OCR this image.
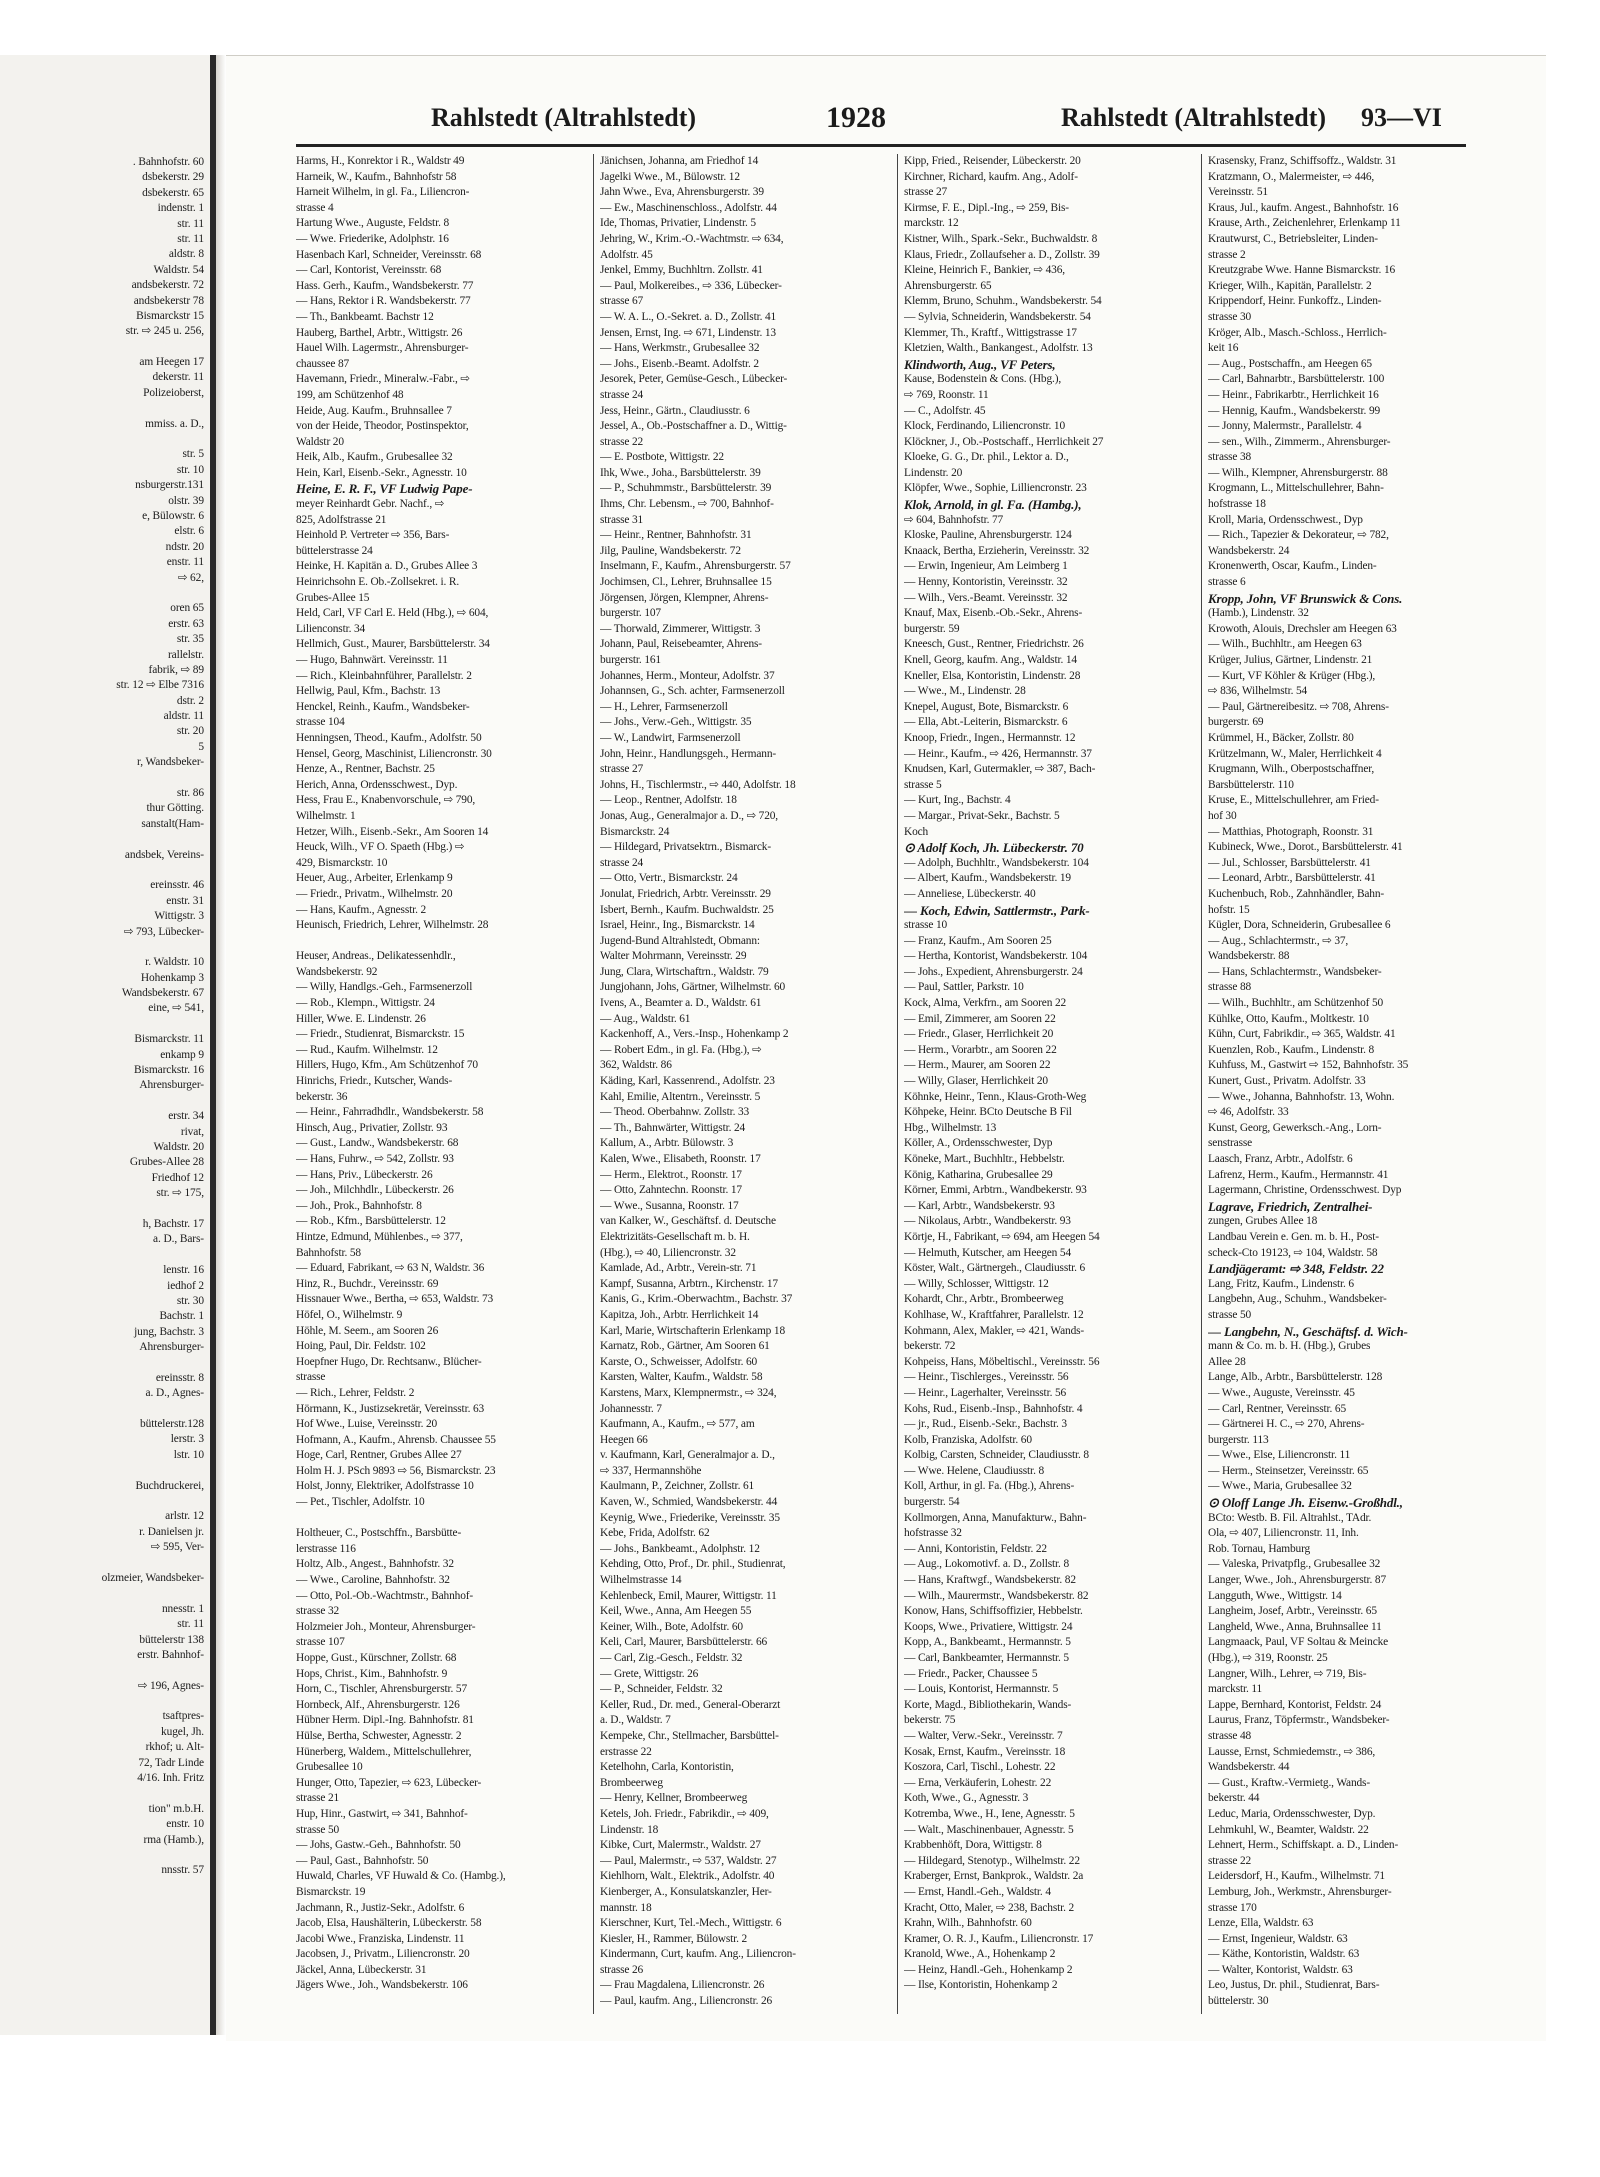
. Bahnhofstr. 60
dsbekerstr. 29
dsbekerstr. 65
indenstr. 1
str. 11
str. 11
aldstr. 8
Waldstr. 54
andsbekerstr. 72
andsbekerstr 78
Bismarckstr 15
str. ⇨ 245 u. 256,
am Heegen 17
dekerstr. 11
Polizeioberst,
mmiss. a. D.,
str. 5
str. 10
nsburgerstr.131
olstr. 39
e, Bülowstr. 6
elstr. 6
ndstr. 20
enstr. 11
⇨ 62,
oren 65
erstr. 63
str. 35
rallelstr.
fabrik, ⇨ 89
str. 12 ⇨ Elbe 7316
dstr. 2
aldstr. 11
str. 20
5
r, Wandsbeker-
str. 86
thur Götting.
sanstalt(Ham-
andsbek, Vereins-
ereinsstr. 46
enstr. 31
Wittigstr. 3
⇨ 793, Lübecker-
r. Waldstr. 10
Hohenkamp 3
Wandsbekerstr. 67
eine, ⇨ 541,
Bismarckstr. 11
enkamp 9
Bismarckstr. 16
Ahrensburger-
erstr. 34
rivat,
Waldstr. 20
Grubes-Allee 28
Friedhof 12
str. ⇨ 175,
h, Bachstr. 17
a. D., Bars-
lenstr. 16
iedhof 2
str. 30
Bachstr. 1
jung, Bachstr. 3
Ahrensburger-
ereinsstr. 8
a. D., Agnes-
büttelerstr.128
lerstr. 3
lstr. 10
Buchdruckerei,
arlstr. 12
r. Danielsen jr.
⇨ 595, Ver-
olzmeier, Wandsbeker-
nnesstr. 1
str. 11
büttelerstr 138
erstr. Bahnhof-
⇨ 196, Agnes-
tsaftpres-
kugel, Jh.
rkhof; u. Alt-
72, Tadr Linde
4/16. Inh. Fritz
tion" m.b.H.
enstr. 10
rma (Hamb.),
nnsstr. 57
Rahlstedt (Altrahlstedt)	1928	Rahlstedt (Altrahlstedt) 93—VI
Harms, H., Konrektor i R., Waldstr 49
Harneik, W., Kaufm., Bahnhofstr 58
Harneit Wilhelm, in gl. Fa., Liliencron-
strasse 4
Hartung Wwe., Auguste, Feldstr. 8
— Wwe. Friederike, Adolphstr. 16
Hasenbach Karl, Schneider, Vereinsstr. 68
— Carl, Kontorist, Vereinsstr. 68
Hass. Gerh., Kaufm., Wandsbekerstr. 77
— Hans, Rektor i R. Wandsbekerstr. 77
— Th., Bankbeamt. Bachstr 12
Hauberg, Barthel, Arbtr., Wittigstr. 26
Hauel Wilh. Lagermstr., Ahrensburger-
chaussee 87
Havemann, Friedr., Mineralw.-Fabr., ⇨
199, am Schützenhof 48
Heide, Aug. Kaufm., Bruhnsallee 7
von der Heide, Theodor, Postinspektor,
Waldstr 20
Heik, Alb., Kaufm., Grubesallee 32
Hein, Karl, Eisenb.-Sekr., Agnesstr. 10
Heine, E. R. F., VF Ludwig Pape-
meyer Reinhardt Gebr. Nachf., ⇨
825, Adolfstrasse 21
Heinhold P. Vertreter ⇨ 356, Bars-
büttelerstrasse 24
Heinke, H. Kapitän a. D., Grubes Allee 3
Heinrichsohn E. Ob.-Zollsekret. i. R.
Grubes-Allee 15
Held, Carl, VF Carl E. Held (Hbg.), ⇨ 604,
Lilienconstr. 34
Hellmich, Gust., Maurer, Barsbüttelerstr. 34
— Hugo, Bahnwärt. Vereinsstr. 11
— Rich., Kleinbahnführer, Parallelstr. 2
Hellwig, Paul, Kfm., Bachstr. 13
Henckel, Reinh., Kaufm., Wandsbeker-
strasse 104
Henningsen, Theod., Kaufm., Adolfstr. 50
Hensel, Georg, Maschinist, Liliencronstr. 30
Henze, A., Rentner, Bachstr. 25
Herich, Anna, Ordensschwest., Dyp.
Hess, Frau E., Knabenvorschule, ⇨ 790,
Wilhelmstr. 1
Hetzer, Wilh., Eisenb.-Sekr., Am Sooren 14
Heuck, Wilh., VF O. Spaeth (Hbg.) ⇨
429, Bismarckstr. 10
Heuer, Aug., Arbeiter, Erlenkamp 9
— Friedr., Privatm., Wilhelmstr. 20
— Hans, Kaufm., Agnesstr. 2
Heunisch, Friedrich, Lehrer, Wilhelmstr. 28
Heuser, Andreas., Delikatessenhdlr.,
Wandsbekerstr. 92
— Willy, Handlgs.-Geh., Farmsenerzoll
— Rob., Klempn., Wittigstr. 24
Hiller, Wwe. E. Lindenstr. 26
— Friedr., Studienrat, Bismarckstr. 15
— Rud., Kaufm. Wilhelmstr. 12
Hillers, Hugo, Kfm., Am Schützenhof 70
Hinrichs, Friedr., Kutscher, Wands-
bekerstr. 36
— Heinr., Fahrradhdlr., Wandsbekerstr. 58
Hinsch, Aug., Privatier, Zollstr. 93
— Gust., Landw., Wandsbekerstr. 68
— Hans, Fuhrw., ⇨ 542, Zollstr. 93
— Hans, Priv., Lübeckerstr. 26
— Joh., Milchhdlr., Lübeckerstr. 26
— Joh., Prok., Bahnhofstr. 8
— Rob., Kfm., Barsbüttelerstr. 12
Hintze, Edmund, Mühlenbes., ⇨ 377,
Bahnhofstr. 58
— Eduard, Fabrikant, ⇨ 63 N, Waldstr. 36
Hinz, R., Buchdr., Vereinsstr. 69
Hissnauer Wwe., Bertha, ⇨ 653, Waldstr. 73
Höfel, O., Wilhelmstr. 9
Höhle, M. Seem., am Sooren 26
Hoing, Paul, Dir. Feldstr. 102
Hoepfner Hugo, Dr. Rechtsanw., Blücher-
strasse
— Rich., Lehrer, Feldstr. 2
Hörmann, K., Justizsekretär, Vereinsstr. 63
Hof Wwe., Luise, Vereinsstr. 20
Hofmann, A., Kaufm., Ahrensb. Chaussee 55
Hoge, Carl, Rentner, Grubes Allee 27
Holm H. J. PSch 9893 ⇨ 56, Bismarckstr. 23
Holst, Jonny, Elektriker, Adolfstrasse 10
— Pet., Tischler, Adolfstr. 10
Holtheuer, C., Postschffn., Barsbütte-
lerstrasse 116
Holtz, Alb., Angest., Bahnhofstr. 32
— Wwe., Caroline, Bahnhofstr. 32
— Otto, Pol.-Ob.-Wachtmstr., Bahnhof-
strasse 32
Holzmeier Joh., Monteur, Ahrensburger-
strasse 107
Hoppe, Gust., Kürschner, Zollstr. 68
Hops, Christ., Kim., Bahnhofstr. 9
Horn, C., Tischler, Ahrensburgerstr. 57
Hornbeck, Alf., Ahrensburgerstr. 126
Hübner Herm. Dipl.-Ing. Bahnhofstr. 81
Hülse, Bertha, Schwester, Agnesstr. 2
Hünerberg, Waldem., Mittelschullehrer,
Grubesallee 10
Hunger, Otto, Tapezier, ⇨ 623, Lübecker-
strasse 21
Hup, Hinr., Gastwirt, ⇨ 341, Bahnhof-
strasse 50
— Johs, Gastw.-Geh., Bahnhofstr. 50
— Paul, Gast., Bahnhofstr. 50
Huwald, Charles, VF Huwald & Co. (Hambg.),
Bismarckstr. 19
Jachmann, R., Justiz-Sekr., Adolfstr. 6
Jacob, Elsa, Haushälterin, Lübeckerstr. 58
Jacobi Wwe., Franziska, Lindenstr. 11
Jacobsen, J., Privatm., Liliencronstr. 20
Jäckel, Anna, Lübeckerstr. 31
Jägers Wwe., Joh., Wandsbekerstr. 106
Jänichsen, Johanna, am Friedhof 14
Jagelki Wwe., M., Bülowstr. 12
Jahn Wwe., Eva, Ahrensburgerstr. 39
— Ew., Maschinenschloss., Adolfstr. 44
Ide, Thomas, Privatier, Lindenstr. 5
Jehring, W., Krim.-O.-Wachtmstr. ⇨ 634,
Adolfstr. 45
Jenkel, Emmy, Buchhltrn. Zollstr. 41
— Paul, Molkereibes., ⇨ 336, Lübecker-
strasse 67
— W. A. L., O.-Sekret. a. D., Zollstr. 41
Jensen, Ernst, Ing. ⇨ 671, Lindenstr. 13
— Hans, Werkmstr., Grubesallee 32
— Johs., Eisenb.-Beamt. Adolfstr. 2
Jesorek, Peter, Gemüse-Gesch., Lübecker-
strasse 24
Jess, Heinr., Gärtn., Claudiusstr. 6
Jessel, A., Ob.-Postschaffner a. D., Wittig-
strasse 22
— E. Postbote, Wittigstr. 22
Ihk, Wwe., Joha., Barsbüttelerstr. 39
— P., Schuhmmstr., Barsbüttelerstr. 39
Ihms, Chr. Lebensm., ⇨ 700, Bahnhof-
strasse 31
— Heinr., Rentner, Bahnhofstr. 31
Jilg, Pauline, Wandsbekerstr. 72
Inselmann, F., Kaufm., Ahrensburgerstr. 57
Jochimsen, Cl., Lehrer, Bruhnsallee 15
Jörgensen, Jörgen, Klempner, Ahrens-
burgerstr. 107
— Thorwald, Zimmerer, Wittigstr. 3
Johann, Paul, Reisebeamter, Ahrens-
burgerstr. 161
Johannes, Herm., Monteur, Adolfstr. 37
Johannsen, G., Sch. achter, Farmsenerzoll
— H., Lehrer, Farmsenerzoll
— Johs., Verw.-Geh., Wittigstr. 35
— W., Landwirt, Farmsenerzoll
John, Heinr., Handlungsgeh., Hermann-
strasse 27
Johns, H., Tischlermstr., ⇨ 440, Adolfstr. 18
— Leop., Rentner, Adolfstr. 18
Jonas, Aug., Generalmajor a. D., ⇨ 720,
Bismarckstr. 24
— Hildegard, Privatsektrn., Bismarck-
strasse 24
— Otto, Vertr., Bismarckstr. 24
Jonulat, Friedrich, Arbtr. Vereinsstr. 29
Isbert, Bernh., Kaufm. Buchwaldstr. 25
Israel, Heinr., Ing., Bismarckstr. 14
Jugend-Bund Altrahlstedt, Obmann:
Walter Mohrmann, Vereinsstr. 29
Jung, Clara, Wirtschaftrn., Waldstr. 79
Jungjohann, Johs, Gärtner, Wilhelmstr. 60
Ivens, A., Beamter a. D., Waldstr. 61
— Aug., Waldstr. 61
Kackenhoff, A., Vers.-Insp., Hohenkamp 2
— Robert Edm., in gl. Fa. (Hbg.), ⇨
362, Waldstr. 86
Käding, Karl, Kassenrend., Adolfstr. 23
Kahl, Emilie, Altentrn., Vereinsstr. 5
— Theod. Oberbahnw. Zollstr. 33
— Th., Bahnwärter, Wittigstr. 24
Kallum, A., Arbtr. Bülowstr. 3
Kalen, Wwe., Elisabeth, Roonstr. 17
— Herm., Elektrot., Roonstr. 17
— Otto, Zahntechn. Roonstr. 17
— Wwe., Susanna, Roonstr. 17
van Kalker, W., Geschäftsf. d. Deutsche
Elektrizitäts-Gesellschaft m. b. H.
(Hbg.), ⇨ 40, Liliencronstr. 32
Kamlade, Ad., Arbtr., Verein-str. 71
Kampf, Susanna, Arbtrn., Kirchenstr. 17
Kanis, G., Krim.-Oberwachtm., Bachstr. 37
Kapitza, Joh., Arbtr. Herrlichkeit 14
Karl, Marie, Wirtschafterin Erlenkamp 18
Karnatz, Rob., Gärtner, Am Sooren 61
Karste, O., Schweisser, Adolfstr. 60
Karsten, Walter, Kaufm., Waldstr. 58
Karstens, Marx, Klempnermstr., ⇨ 324,
Johannesstr. 7
Kaufmann, A., Kaufm., ⇨ 577, am
Heegen 66
v. Kaufmann, Karl, Generalmajor a. D.,
⇨ 337, Hermannshöhe
Kaulmann, P., Zeichner, Zollstr. 61
Kaven, W., Schmied, Wandsbekerstr. 44
Keynig, Wwe., Friederike, Vereinsstr. 35
Kebe, Frida, Adolfstr. 62
— Johs., Bankbeamt., Adolphstr. 12
Kehding, Otto, Prof., Dr. phil., Studienrat,
Wilhelmstrasse 14
Kehlenbeck, Emil, Maurer, Wittigstr. 11
Keil, Wwe., Anna, Am Heegen 55
Keiner, Wilh., Bote, Adolfstr. 60
Keli, Carl, Maurer, Barsbüttelerstr. 66
— Carl, Zig.-Gesch., Feldstr. 32
— Grete, Wittigstr. 26
— P., Schneider, Feldstr. 32
Keller, Rud., Dr. med., General-Oberarzt
a. D., Waldstr. 7
Kempeke, Chr., Stellmacher, Barsbüttel-
erstrasse 22
Ketelhohn, Carla, Kontoristin,
Brombeerweg
— Henry, Kellner, Brombeerweg
Ketels, Joh. Friedr., Fabrikdir., ⇨ 409,
Lindenstr. 18
Kibke, Curt, Malermstr., Waldstr. 27
— Paul, Malermstr., ⇨ 537, Waldstr. 27
Kiehlhorn, Walt., Elektrik., Adolfstr. 40
Kienberger, A., Konsulatskanzler, Her-
mannstr. 18
Kierschner, Kurt, Tel.-Mech., Wittigstr. 6
Kiesler, H., Rammer, Bülowstr. 2
Kindermann, Curt, kaufm. Ang., Liliencron-
strasse 26
— Frau Magdalena, Liliencronstr. 26
— Paul, kaufm. Ang., Liliencronstr. 26
Kipp, Fried., Reisender, Lübeckerstr. 20
Kirchner, Richard, kaufm. Ang., Adolf-
strasse 27
Kirmse, F. E., Dipl.-Ing., ⇨ 259, Bis-
marckstr. 12
Kistner, Wilh., Spark.-Sekr., Buchwaldstr. 8
Klaus, Friedr., Zollaufseher a. D., Zollstr. 39
Kleine, Heinrich F., Bankier, ⇨ 436,
Ahrensburgerstr. 65
Klemm, Bruno, Schuhm., Wandsbekerstr. 54
— Sylvia, Schneiderin, Wandsbekerstr. 54
Klemmer, Th., Kraftf., Wittigstrasse 17
Kletzien, Walth., Bankangest., Adolfstr. 13
Klindworth, Aug., VF Peters,
Kause, Bodenstein & Cons. (Hbg.),
⇨ 769, Roonstr. 11
— C., Adolfstr. 45
Klock, Ferdinando, Liliencronstr. 10
Klöckner, J., Ob.-Postschaff., Herrlichkeit 27
Kloeke, G. G., Dr. phil., Lektor a. D.,
Lindenstr. 20
Klöpfer, Wwe., Sophie, Lilliencronstr. 23
Klok, Arnold, in gl. Fa. (Hambg.),
⇨ 604, Bahnhofstr. 77
Kloske, Pauline, Ahrensburgerstr. 124
Knaack, Bertha, Erzieherin, Vereinsstr. 32
— Erwin, Ingenieur, Am Leimberg 1
— Henny, Kontoristin, Vereinsstr. 32
— Wilh., Vers.-Beamt. Vereinsstr. 32
Knauf, Max, Eisenb.-Ob.-Sekr., Ahrens-
burgerstr. 59
Kneesch, Gust., Rentner, Friedrichstr. 26
Knell, Georg, kaufm. Ang., Waldstr. 14
Kneller, Elsa, Kontoristin, Lindenstr. 28
— Wwe., M., Lindenstr. 28
Knepel, August, Bote, Bismarckstr. 6
— Ella, Abt.-Leiterin, Bismarckstr. 6
Knoop, Friedr., Ingen., Hermannstr. 12
— Heinr., Kaufm., ⇨ 426, Hermannstr. 37
Knudsen, Karl, Gutermakler, ⇨ 387, Bach-
strasse 5
— Kurt, Ing., Bachstr. 4
— Margar., Privat-Sekr., Bachstr. 5
Koch
⊙ Adolf Koch, Jh. Lübeckerstr. 70
— Adolph, Buchhltr., Wandsbekerstr. 104
— Albert, Kaufm., Wandsbekerstr. 19
— Anneliese, Lübeckerstr. 40
— Koch, Edwin, Sattlermstr., Park-
strasse 10
— Franz, Kaufm., Am Sooren 25
— Hertha, Kontorist, Wandsbekerstr. 104
— Johs., Expedient, Ahrensburgerstr. 24
— Paul, Sattler, Parkstr. 10
Kock, Alma, Verkfrn., am Sooren 22
— Emil, Zimmerer, am Sooren 22
— Friedr., Glaser, Herrlichkeit 20
— Herm., Vorarbtr., am Sooren 22
— Herm., Maurer, am Sooren 22
— Willy, Glaser, Herrlichkeit 20
Köhnke, Heinr., Tenn., Klaus-Groth-Weg
Köhpeke, Heinr. BCto Deutsche B Fil
Hbg., Wilhelmstr. 13
Köller, A., Ordensschwester, Dyp
Köneke, Mart., Buchhltr., Hebbelstr.
König, Katharina, Grubesallee 29
Körner, Emmi, Arbtrn., Wandbekerstr. 93
— Karl, Arbtr., Wandsbekerstr. 93
— Nikolaus, Arbtr., Wandbekerstr. 93
Körtje, H., Fabrikant, ⇨ 694, am Heegen 54
— Helmuth, Kutscher, am Heegen 54
Köster, Walt., Gärtnergeh., Claudiusstr. 6
— Willy, Schlosser, Wittigstr. 12
Kohardt, Chr., Arbtr., Brombeerweg
Kohlhase, W., Kraftfahrer, Parallelstr. 12
Kohmann, Alex, Makler, ⇨ 421, Wands-
bekerstr. 72
Kohpeiss, Hans, Möbeltischl., Vereinsstr. 56
— Heinr., Tischlerges., Vereinsstr. 56
— Heinr., Lagerhalter, Vereinsstr. 56
Kohs, Rud., Eisenb.-Insp., Bahnhofstr. 4
— jr., Rud., Eisenb.-Sekr., Bachstr. 3
Kolb, Franziska, Adolfstr. 60
Kolbig, Carsten, Schneider, Claudiusstr. 8
— Wwe. Helene, Claudiusstr. 8
Koll, Arthur, in gl. Fa. (Hbg.), Ahrens-
burgerstr. 54
Kollmorgen, Anna, Manufakturw., Bahn-
hofstrasse 32
— Anni, Kontoristin, Feldstr. 22
— Aug., Lokomotivf. a. D., Zollstr. 8
— Hans, Kraftwgf., Wandsbekerstr. 82
— Wilh., Maurermstr., Wandsbekerstr. 82
Konow, Hans, Schiffsoffizier, Hebbelstr.
Koops, Wwe., Privatiere, Wittigstr. 24
Kopp, A., Bankbeamt., Hermannstr. 5
— Carl, Bankbeamter, Hermannstr. 5
— Friedr., Packer, Chaussee 5
— Louis, Kontorist, Hermannstr. 5
Korte, Magd., Bibliothekarin, Wands-
bekerstr. 75
— Walter, Verw.-Sekr., Vereinsstr. 7
Kosak, Ernst, Kaufm., Vereinsstr. 18
Koszora, Carl, Tischl., Lohestr. 22
— Erna, Verkäuferin, Lohestr. 22
Koth, Wwe., G., Agnesstr. 3
Kotremba, Wwe., H., Iene, Agnesstr. 5
— Walt., Maschinenbauer, Agnesstr. 5
Krabbenhöft, Dora, Wittigstr. 8
— Hildegard, Stenotyp., Wilhelmstr. 22
Kraberger, Ernst, Bankprok., Waldstr. 2a
— Ernst, Handl.-Geh., Waldstr. 4
Kracht, Otto, Maler, ⇨ 238, Bachstr. 2
Krahn, Wilh., Bahnhofstr. 60
Kramer, O. R. J., Kaufm., Liliencronstr. 17
Kranold, Wwe., A., Hohenkamp 2
— Heinz, Handl.-Geh., Hohenkamp 2
— Ilse, Kontoristin, Hohenkamp 2
Krasensky, Franz, Schiffsoffz., Waldstr. 31
Kratzmann, O., Malermeister, ⇨ 446,
Vereinsstr. 51
Kraus, Jul., kaufm. Angest., Bahnhofstr. 16
Krause, Arth., Zeichenlehrer, Erlenkamp 11
Krautwurst, C., Betriebsleiter, Linden-
strasse 2
Kreutzgrabe Wwe. Hanne Bismarckstr. 16
Krieger, Wilh., Kapitän, Parallelstr. 2
Krippendorf, Heinr. Funkoffz., Linden-
strasse 30
Kröger, Alb., Masch.-Schloss., Herrlich-
keit 16
— Aug., Postschaffn., am Heegen 65
— Carl, Bahnarbtr., Barsbüttelerstr. 100
— Heinr., Fabrikarbtr., Herrlichkeit 16
— Hennig, Kaufm., Wandsbekerstr. 99
— Jonny, Malermstr., Parallelstr. 4
— sen., Wilh., Zimmerm., Ahrensburger-
strasse 38
— Wilh., Klempner, Ahrensburgerstr. 88
Krogmann, L., Mittelschullehrer, Bahn-
hofstrasse 18
Kroll, Maria, Ordensschwest., Dyp
— Rich., Tapezier & Dekorateur, ⇨ 782,
Wandsbekerstr. 24
Kronenwerth, Oscar, Kaufm., Linden-
strasse 6
Kropp, John, VF Brunswick & Cons.
(Hamb.), Lindenstr. 32
Krowoth, Alouis, Drechsler am Heegen 63
— Wilh., Buchhltr., am Heegen 63
Krüger, Julius, Gärtner, Lindenstr. 21
— Kurt, VF Köhler & Krüger (Hbg.),
⇨ 836, Wilhelmstr. 54
— Paul, Gärtnereibesitz. ⇨ 708, Ahrens-
burgerstr. 69
Krümmel, H., Bäcker, Zollstr. 80
Krützelmann, W., Maler, Herrlichkeit 4
Krugmann, Wilh., Oberpostschaffner,
Barsbüttelerstr. 110
Kruse, E., Mittelschullehrer, am Fried-
hof 30
— Matthias, Photograph, Roonstr. 31
Kubineck, Wwe., Dorot., Barsbüttelerstr. 41
— Jul., Schlosser, Barsbüttelerstr. 41
— Leonard, Arbtr., Barsbüttelerstr. 41
Kuchenbuch, Rob., Zahnhändler, Bahn-
hofstr. 15
Kügler, Dora, Schneiderin, Grubesallee 6
— Aug., Schlachtermstr., ⇨ 37,
Wandsbekerstr. 88
— Hans, Schlachtermstr., Wandsbeker-
strasse 88
— Wilh., Buchhltr., am Schützenhof 50
Kühlke, Otto, Kaufm., Moltkestr. 10
Kühn, Curt, Fabrikdir., ⇨ 365, Waldstr. 41
Kuenzlen, Rob., Kaufm., Lindenstr. 8
Kuhfuss, M., Gastwirt ⇨ 152, Bahnhofstr. 35
Kunert, Gust., Privatm. Adolfstr. 33
— Wwe., Johanna, Bahnhofstr. 13, Wohn.
⇨ 46, Adolfstr. 33
Kunst, Georg, Gewerksch.-Ang., Lorn-
senstrasse
Laasch, Franz, Arbtr., Adolfstr. 6
Lafrenz, Herm., Kaufm., Hermannstr. 41
Lagermann, Christine, Ordensschwest. Dyp
Lagrave, Friedrich, Zentralhei-
zungen, Grubes Allee 18
Landbau Verein e. Gen. m. b. H., Post-
scheck-Cto 19123, ⇨ 104, Waldstr. 58
Landjägeramt: ⇨ 348, Feldstr. 22
Lang, Fritz, Kaufm., Lindenstr. 6
Langbehn, Aug., Schuhm., Wandsbeker-
strasse 50
— Langbehn, N., Geschäftsf. d. Wich-
mann & Co. m. b. H. (Hbg.), Grubes
Allee 28
Lange, Alb., Arbtr., Barsbüttelerstr. 128
— Wwe., Auguste, Vereinsstr. 45
— Carl, Rentner, Vereinsstr. 65
— Gärtnerei H. C., ⇨ 270, Ahrens-
burgerstr. 113
— Wwe., Else, Liliencronstr. 11
— Herm., Steinsetzer, Vereinsstr. 65
— Wwe., Maria, Grubesallee 32
⊙ Oloff Lange Jh. Eisenw.-Großhdl.,
BCto: Westb. B. Fil. Altrahlst., TAdr.
Ola, ⇨ 407, Liliencronstr. 11, Inh.
Rob. Tornau, Hamburg
— Valeska, Privatpflg., Grubesallee 32
Langer, Wwe., Joh., Ahrensburgerstr. 87
Langguth, Wwe., Wittigstr. 14
Langheim, Josef, Arbtr., Vereinsstr. 65
Langheld, Wwe., Anna, Bruhnsallee 11
Langmaack, Paul, VF Soltau & Meincke
(Hbg.), ⇨ 319, Roonstr. 25
Langner, Wilh., Lehrer, ⇨ 719, Bis-
marckstr. 11
Lappe, Bernhard, Kontorist, Feldstr. 24
Laurus, Franz, Töpfermstr., Wandsbeker-
strasse 48
Lausse, Ernst, Schmiedemstr., ⇨ 386,
Wandsbekerstr. 44
— Gust., Kraftw.-Vermietg., Wands-
bekerstr. 44
Leduc, Maria, Ordensschwester, Dyp.
Lehmkuhl, W., Beamter, Waldstr. 22
Lehnert, Herm., Schiffskapt. a. D., Linden-
strasse 22
Leidersdorf, H., Kaufm., Wilhelmstr. 71
Lemburg, Joh., Werkmstr., Ahrensburger-
strasse 170
Lenze, Ella, Waldstr. 63
— Ernst, Ingenieur, Waldstr. 63
— Käthe, Kontoristin, Waldstr. 63
— Walter, Kontorist, Waldstr. 63
Leo, Justus, Dr. phil., Studienrat, Bars-
büttelerstr. 30
